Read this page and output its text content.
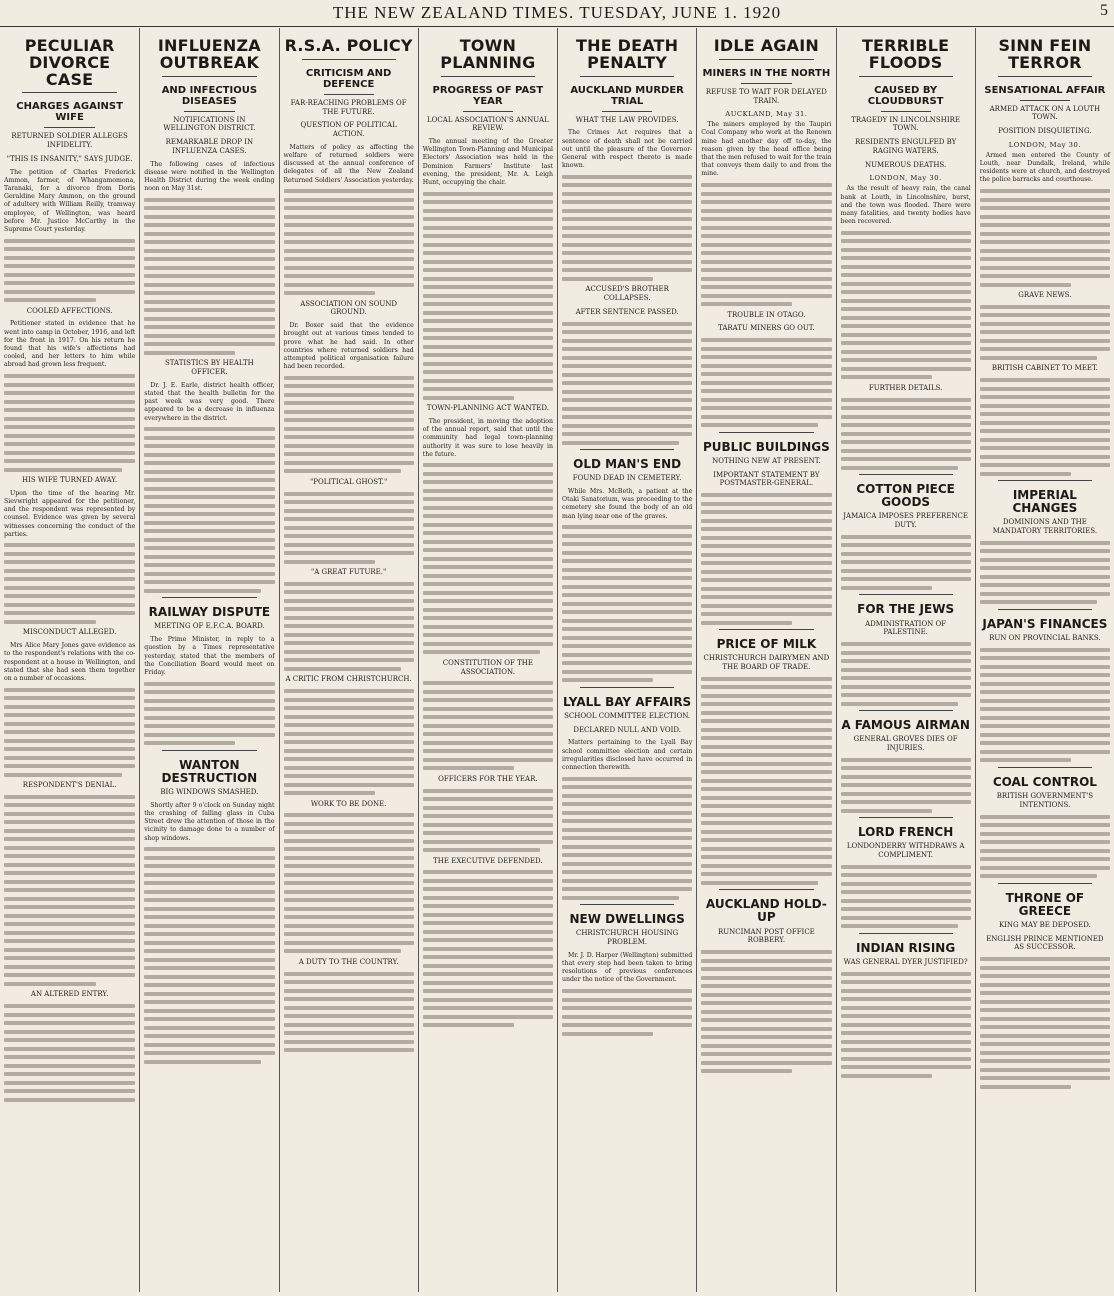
THE NEW ZEALAND TIMES. TUESDAY, JUNE 1. 1920	5
PECULIAR DIVORCE CASE
CHARGES AGAINST WIFE
RETURNED SOLDIER ALLEGES INFIDELITY.
"THIS IS INSANITY," SAYS JUDGE.

The petition of Charles Frederick Ammon, farmer, of Whangamomona, Taranaki, for a divorce from Doris Geraldine Mary Ammon, on the ground of adultery with William Reilly, tramway employee, of Wellington, was heard before Mr. Justice McCarthy in the Supreme Court yesterday.

COOLED AFFECTIONS.

Petitioner stated in evidence that he went into camp in October, 1916, and left for the front in 1917. On his return he found that his wife's affections had cooled, and her letters to him while abroad had grown less frequent.

HIS WIFE TURNED AWAY.

Upon the time of the hearing Mr. Sievwright appeared for the petitioner, and the respondent was represented by counsel. Evidence was given by several witnesses concerning the conduct of the parties.

MISCONDUCT ALLEGED.

Mrs Alice Mary Jones gave evidence as to the respondent's relations with the co-respondent at a house in Wellington, and stated that she had seen them together on a number of occasions.

RESPONDENT'S DENIAL.
AN ALTERED ENTRY.
INFLUENZA OUTBREAK
AND INFECTIOUS DISEASES
NOTIFICATIONS IN WELLINGTON DISTRICT.
REMARKABLE DROP IN INFLUENZA CASES.

The following cases of infectious disease were notified in the Wellington Health District during the week ending noon on May 31st.

STATISTICS BY HEALTH OFFICER.

Dr. J. E. Earle, district health officer, stated that the health bulletin for the past week was very good. There appeared to be a decrease in influenza everywhere in the district.

RAILWAY DISPUTE
MEETING OF E.F.C.A. BOARD.

The Prime Minister, in reply to a question by a Times representative yesterday, stated that the members of the Conciliation Board would meet on Friday.

WANTON DESTRUCTION
BIG WINDOWS SMASHED.

Shortly after 9 o'clock on Sunday night the crashing of falling glass in Cuba Street drew the attention of those in the vicinity to damage done to a number of shop windows.

R.S.A. POLICY
CRITICISM AND DEFENCE
FAR-REACHING PROBLEMS OF THE FUTURE.
QUESTION OF POLITICAL ACTION.

Matters of policy as affecting the welfare of returned soldiers were discussed at the annual conference of delegates of all the New Zealand Returned Soldiers' Association yesterday.

ASSOCIATION ON SOUND GROUND.

Dr. Boxer said that the evidence brought out at various times tended to prove what he had said. In other countries where returned soldiers had attempted political organisation failure had been recorded.

"POLITICAL GHOST."
"A GREAT FUTURE."
A CRITIC FROM CHRISTCHURCH.
WORK TO BE DONE.
A DUTY TO THE COUNTRY.
TOWN PLANNING
PROGRESS OF PAST YEAR
LOCAL ASSOCIATION'S ANNUAL REVIEW.

The annual meeting of the Greater Wellington Town-Planning and Municipal Electors' Association was held in the Dominion Farmers' Institute last evening, the president, Mr. A. Leigh Hunt, occupying the chair.

TOWN-PLANNING ACT WANTED.

The president, in moving the adoption of the annual report, said that until the community had legal town-planning authority it was sure to lose heavily in the future.

CONSTITUTION OF THE ASSOCIATION.
OFFICERS FOR THE YEAR.
THE EXECUTIVE DEFENDED.
THE DEATH PENALTY
AUCKLAND MURDER TRIAL
WHAT THE LAW PROVIDES.

The Crimes Act requires that a sentence of death shall not be carried out until the pleasure of the Governor-General with respect thereto is made known.

ACCUSED'S BROTHER COLLAPSES.
AFTER SENTENCE PASSED.
OLD MAN'S END
FOUND DEAD IN CEMETERY.

While Mrs. McBeth, a patient at the Otaki Sanatorium, was proceeding to the cemetery she found the body of an old man lying near one of the graves.

LYALL BAY AFFAIRS
SCHOOL COMMITTEE ELECTION.
DECLARED NULL AND VOID.

Matters pertaining to the Lyall Bay school committee election and certain irregularities disclosed have occurred in connection therewith.

NEW DWELLINGS
CHRISTCHURCH HOUSING PROBLEM.

Mr. J. D. Harper (Wellington) submitted that every step had been taken to bring resolutions of previous conferences under the notice of the Government.

IDLE AGAIN
MINERS IN THE NORTH
REFUSE TO WAIT FOR DELAYED TRAIN.
AUCKLAND, May 31.

The miners employed by the Taupiri Coal Company who work at the Renown mine had another day off to-day, the reason given by the head office being that the men refused to wait for the train that conveys them daily to and from the mine.

TROUBLE IN OTAGO.
TARATU MINERS GO OUT.
PUBLIC BUILDINGS
NOTHING NEW AT PRESENT.
IMPORTANT STATEMENT BY POSTMASTER-GENERAL.
PRICE OF MILK
CHRISTCHURCH DAIRYMEN AND THE BOARD OF TRADE.
AUCKLAND HOLD-UP
RUNCIMAN POST OFFICE ROBBERY.
TERRIBLE FLOODS
CAUSED BY CLOUDBURST
TRAGEDY IN LINCOLNSHIRE TOWN.
RESIDENTS ENGULFED BY RAGING WATERS.
NUMEROUS DEATHS.
LONDON, May 30.

As the result of heavy rain, the canal bank at Louth, in Lincolnshire, burst, and the town was flooded. There were many fatalities, and twenty bodies have been recovered.

FURTHER DETAILS.
COTTON PIECE GOODS
JAMAICA IMPOSES PREFERENCE DUTY.
FOR THE JEWS
ADMINISTRATION OF PALESTINE.
A FAMOUS AIRMAN
GENERAL GROVES DIES OF INJURIES.
LORD FRENCH
LONDONDERRY WITHDRAWS A COMPLIMENT.
INDIAN RISING
WAS GENERAL DYER JUSTIFIED?
SINN FEIN TERROR
SENSATIONAL AFFAIR
ARMED ATTACK ON A LOUTH TOWN.
POSITION DISQUIETING.
LONDON, May 30.

Armed men entered the County of Louth, near Dundalk, Ireland, while residents were at church, and destroyed the police barracks and courthouse.

GRAVE NEWS.
BRITISH CABINET TO MEET.
IMPERIAL CHANGES
DOMINIONS AND THE MANDATORY TERRITORIES.
JAPAN'S FINANCES
RUN ON PROVINCIAL BANKS.
COAL CONTROL
BRITISH GOVERNMENT'S INTENTIONS.
THRONE OF GREECE
KING MAY BE DEPOSED.
ENGLISH PRINCE MENTIONED AS SUCCESSOR.
